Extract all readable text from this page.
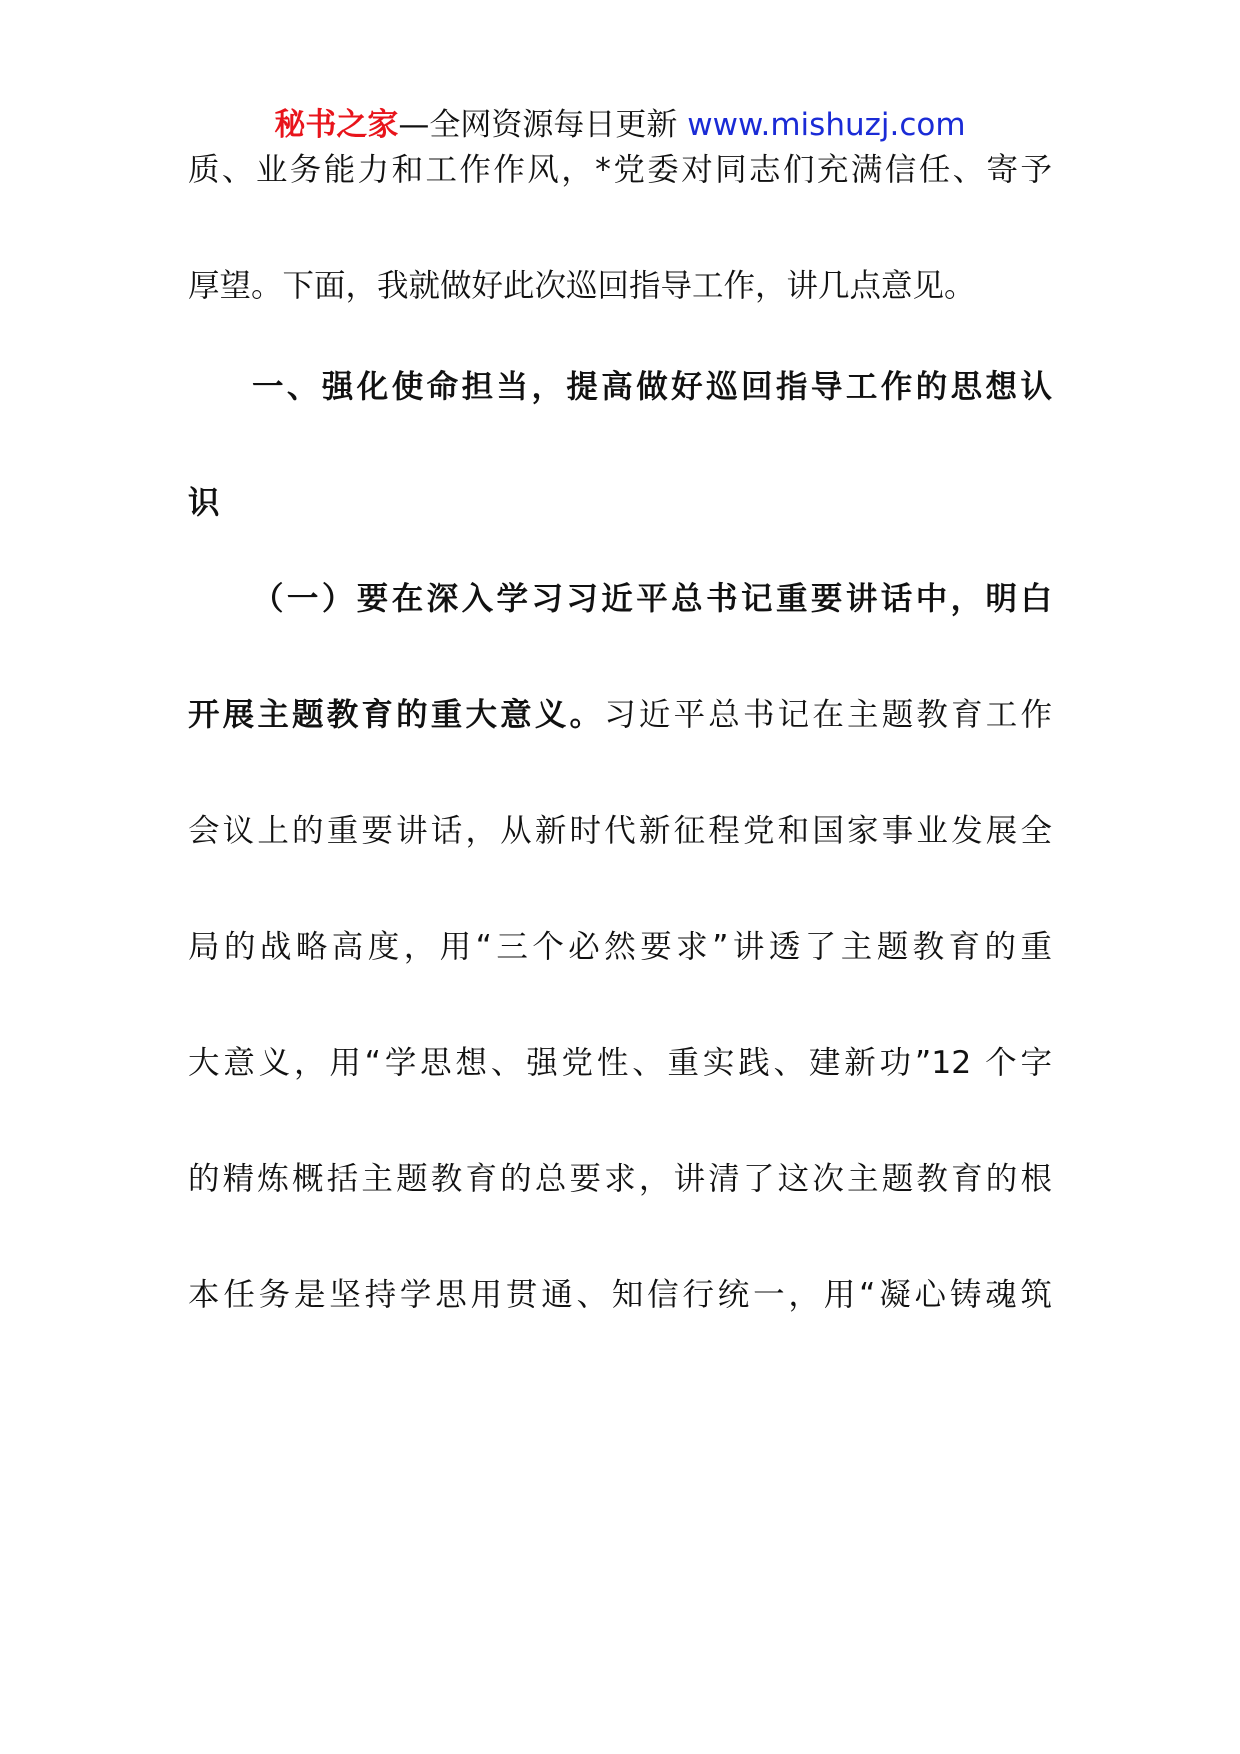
秘书之家—全网资源每日更新 www.mishuzj.com
质、业务能力和工作作风，*党委对同志们充满信任、寄予
厚望。下面，我就做好此次巡回指导工作，讲几点意见。
一、强化使命担当，提高做好巡回指导工作的思想认
识
（一）要在深入学习习近平总书记重要讲话中，明白
开展主题教育的重大意义。习近平总书记在主题教育工作
会议上的重要讲话，从新时代新征程党和国家事业发展全
局的战略高度，用“三个必然要求”讲透了主题教育的重
大意义，用“学思想、强党性、重实践、建新功”12 个字
的精炼概括主题教育的总要求，讲清了这次主题教育的根
本任务是坚持学思用贯通、知信行统一，用“凝心铸魂筑
